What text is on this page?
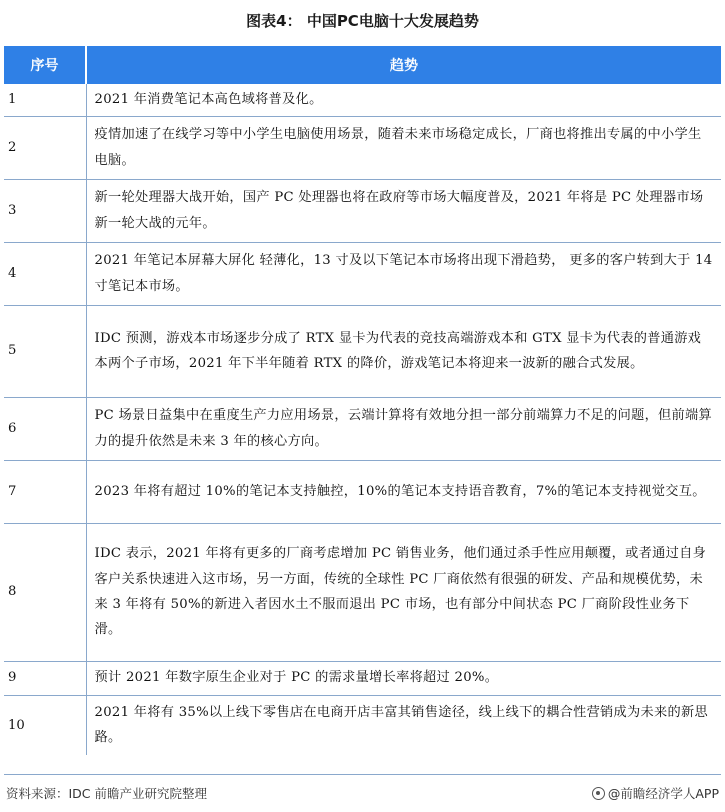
图表4： 中国PC电脑十大发展趋势
序号	趋势
1	2021 年消费笔记本高色域将普及化。
2	疫情加速了在线学习等中小学生电脑使用场景，随着未来市场稳定成长，厂商也将推出专属的中小学生电脑。
3	新一轮处理器大战开始，国产 PC 处理器也将在政府等市场大幅度普及，2021 年将是 PC 处理器市场新一轮大战的元年。
4	2021 年笔记本屏幕大屏化 轻薄化，13 寸及以下笔记本市场将出现下滑趋势， 更多的客户转到大于 14 寸笔记本市场。
5	IDC 预测，游戏本市场逐步分成了 RTX 显卡为代表的竞技高端游戏本和 GTX 显卡为代表的普通游戏本两个子市场，2021 年下半年随着 RTX 的降价，游戏笔记本将迎来一波新的融合式发展。
6	PC 场景日益集中在重度生产力应用场景，云端计算将有效地分担一部分前端算力不足的问题，但前端算力的提升依然是未来 3 年的核心方向。
7	2023 年将有超过 10%的笔记本支持触控，10%的笔记本支持语音教育，7%的笔记本支持视觉交互。
8	IDC 表示，2021 年将有更多的厂商考虑增加 PC 销售业务，他们通过杀手性应用颠覆，或者通过自身客户关系快速进入这市场，另一方面，传统的全球性 PC 厂商依然有很强的研发、产品和规模优势，未来 3 年将有 50%的新进入者因水土不服而退出 PC 市场，也有部分中间状态 PC 厂商阶段性业务下滑。
9	预计 2021 年数字原生企业对于 PC 的需求量增长率将超过 20%。
10	2021 年将有 35%以上线下零售店在电商开店丰富其销售途径，线上线下的耦合性营销成为未来的新思路。
资料来源：IDC 前瞻产业研究院整理	@前瞻经济学人APP
